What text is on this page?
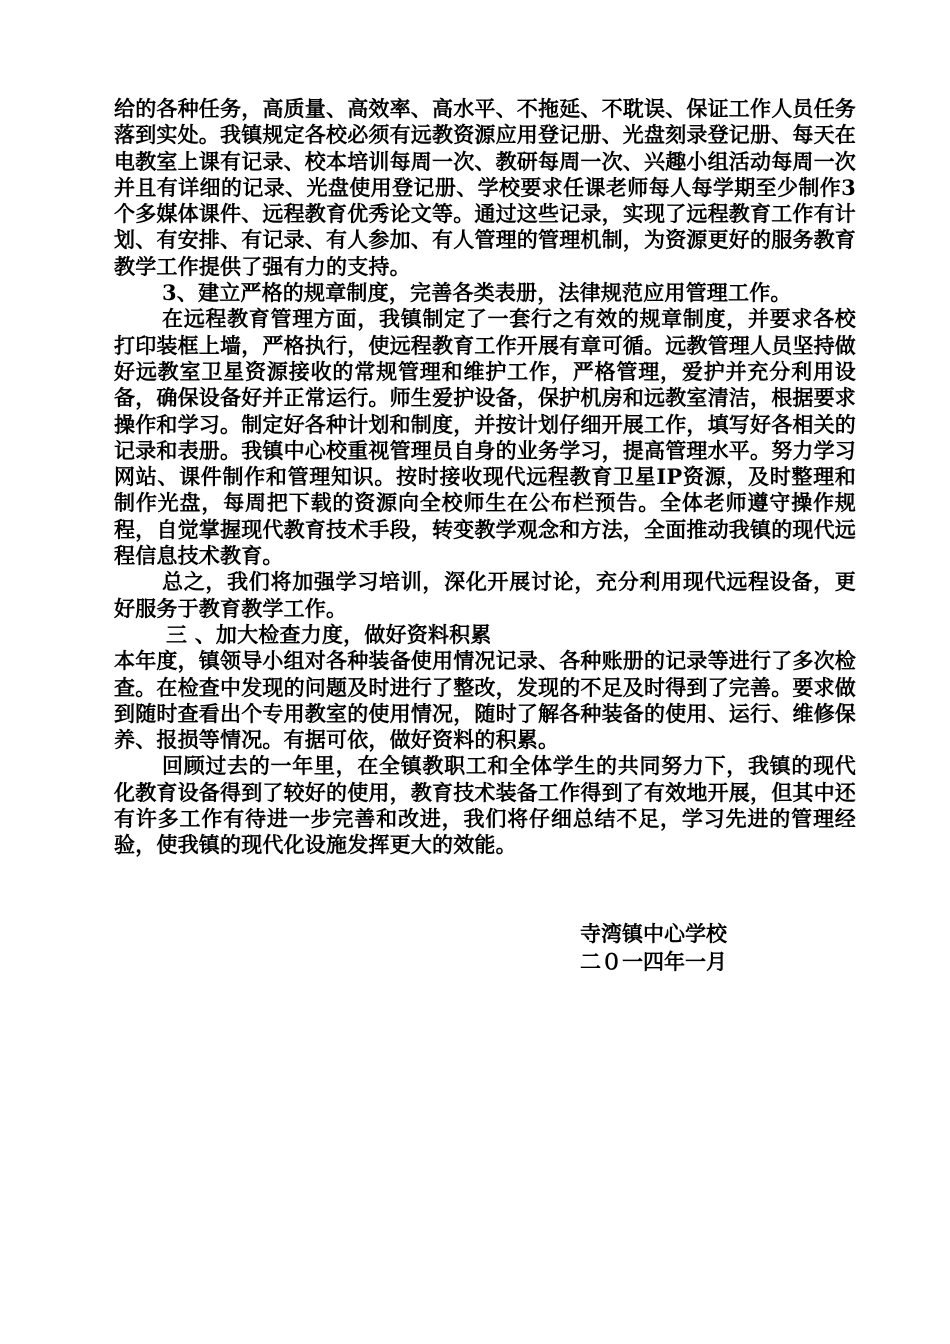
给的各种任务，高质量、高效率、高水平、不拖延、不耽误、保证工作人员任务落到实处。我镇规定各校必须有远教资源应用登记册、光盘刻录登记册、每天在电教室上课有记录、校本培训每周一次、教研每周一次、兴趣小组活动每周一次并且有详细的记录、光盘使用登记册、学校要求任课老师每人每学期至少制作3个多媒体课件、远程教育优秀论文等。通过这些记录，实现了远程教育工作有计划、有安排、有记录、有人参加、有人管理的管理机制，为资源更好的服务教育教学工作提供了强有力的支持。

3、建立严格的规章制度，完善各类表册，法律规范应用管理工作。

在远程教育管理方面，我镇制定了一套行之有效的规章制度，并要求各校打印装框上墙，严格执行，使远程教育工作开展有章可循。远教管理人员坚持做好远教室卫星资源接收的常规管理和维护工作，严格管理，爱护并充分利用设备，确保设备好并正常运行。师生爱护设备，保护机房和远教室清洁，根据要求操作和学习。制定好各种计划和制度，并按计划仔细开展工作，填写好各相关的记录和表册。我镇中心校重视管理员自身的业务学习，提高管理水平。努力学习网站、课件制作和管理知识。按时接收现代远程教育卫星IP资源，及时整理和制作光盘，每周把下载的资源向全校师生在公布栏预告。全体老师遵守操作规程，自觉掌握现代教育技术手段，转变教学观念和方法，全面推动我镇的现代远程信息技术教育。

总之，我们将加强学习培训，深化开展讨论，充分利用现代远程设备，更好服务于教育教学工作。

三 、加大检查力度，做好资料积累

本年度，镇领导小组对各种装备使用情况记录、各种账册的记录等进行了多次检查。在检查中发现的问题及时进行了整改，发现的不足及时得到了完善。要求做到随时查看出个专用教室的使用情况，随时了解各种装备的使用、运行、维修保养、报损等情况。有据可依，做好资料的积累。

回顾过去的一年里，在全镇教职工和全体学生的共同努力下，我镇的现代化教育设备得到了较好的使用，教育技术装备工作得到了有效地开展，但其中还有许多工作有待进一步完善和改进，我们将仔细总结不足，学习先进的管理经验，使我镇的现代化设施发挥更大的效能。

寺湾镇中心学校
二０一四年一月
